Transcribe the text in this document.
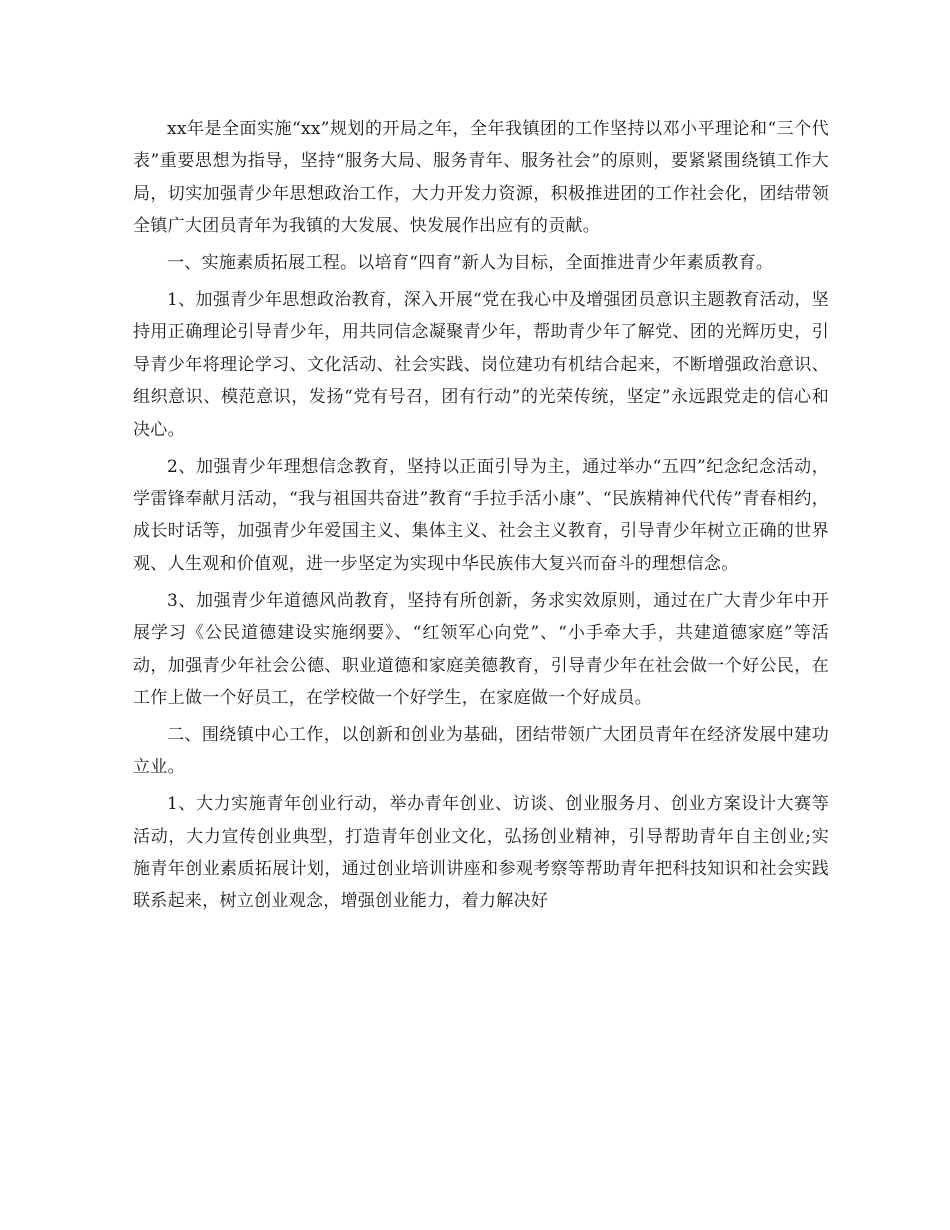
xx年是全面实施“xx”规划的开局之年，全年我镇团的工作坚持以邓小平理论和“三个代表”重要思想为指导，坚持“服务大局、服务青年、服务社会”的原则，要紧紧围绕镇工作大局，切实加强青少年思想政治工作，大力开发力资源，积极推进团的工作社会化，团结带领全镇广大团员青年为我镇的大发展、快发展作出应有的贡献。

一、实施素质拓展工程。以培育“四育”新人为目标，全面推进青少年素质教育。

1、加强青少年思想政治教育，深入开展“党在我心中及增强团员意识主题教育活动，坚持用正确理论引导青少年，用共同信念凝聚青少年，帮助青少年了解党、团的光辉历史，引导青少年将理论学习、文化活动、社会实践、岗位建功有机结合起来，不断增强政治意识、组织意识、模范意识，发扬“党有号召，团有行动”的光荣传统，坚定”永远跟党走的信心和决心。

2、加强青少年理想信念教育，坚持以正面引导为主，通过举办“五四”纪念纪念活动，学雷锋奉献月活动，“我与祖国共奋进”教育“手拉手活小康”、“民族精神代代传”青春相约，成长时话等，加强青少年爱国主义、集体主义、社会主义教育，引导青少年树立正确的世界观、人生观和价值观，进一步坚定为实现中华民族伟大复兴而奋斗的理想信念。

3、加强青少年道德风尚教育，坚持有所创新，务求实效原则，通过在广大青少年中开展学习《公民道德建设实施纲要》、“红领军心向党”、“小手牵大手，共建道德家庭”等活动，加强青少年社会公德、职业道德和家庭美德教育，引导青少年在社会做一个好公民，在工作上做一个好员工，在学校做一个好学生，在家庭做一个好成员。

二、围绕镇中心工作，以创新和创业为基础，团结带领广大团员青年在经济发展中建功立业。

1、大力实施青年创业行动，举办青年创业、访谈、创业服务月、创业方案设计大赛等活动，大力宣传创业典型，打造青年创业文化，弘扬创业精神，引导帮助青年自主创业;实施青年创业素质拓展计划，通过创业培训讲座和参观考察等帮助青年把科技知识和社会实践联系起来，树立创业观念，增强创业能力，着力解决好
